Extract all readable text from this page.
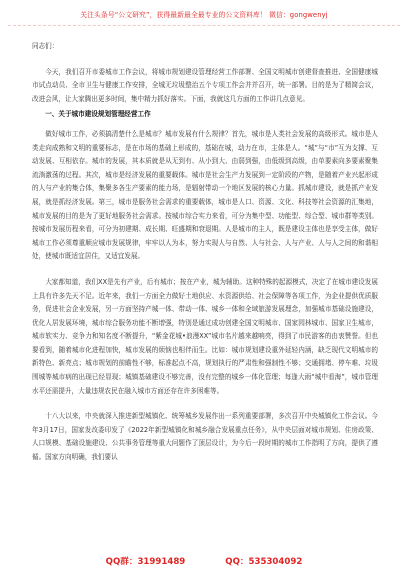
关注头条号“公文研究”，获得最新最全最专业的公文资料库！ 微信：gongwenyj

同志们：

今天，我们召开市委城市工作会议，将城市规划建设管理经营工作部署、全国文明城市创建督查推进、全国健康城市试点动员、全市卫生与健康工作安排，全城无垃圾整治五个专项工作会并并召开，统一部署。目的是为了精简会议，改进会风，让大家腾出更多时间，集中精力抓好落实。下面，我就这几方面的工作讲几点意见。

一、关于城市建设规划管理经营工作

做好城市工作，必须搞清楚什么是城市？城市发展有什么规律？首先，城市是人类社会发展的高级形式。城市是人类走向成熟和文明的重要标志，是在市场的基础上形成的，基础在城，动力在市，主体是人。“城”与“市”互为支撑、互动发展、互相依存。城市的发展，其本质就是从无到有、从小到大、由弱到强，由低级到高级，由单要素向多要素聚集流淌激荡的过程。其次，城市是经济发展的重要载体。城市是社会生产力发展到一定阶段的产物，是随着产业兴起形成的人与产业的集合体，集聚多各生产要素的能力场，是辐射带动一个地区发展的核心力量。抓城市建设，就是抓产业发展，就是抓经济发展。第三，城市是服务社会需求的重要载体，城市是人口、资源、文化、科技等社会资源的汇集地，城市发展的目的是为了更好地服务社会需求。按城市综合实力来看，可分为集中型、功能型、综合型、城市群等类别。按城市发展历程来看，可分为初建期、成长期、旺盛期和衰退期。人是城市的主人，既是建设主体也是享受主体，做好城市工作必须尊重顺应城市发展规律，牢牢以人为本，努力实现人与自然、人与社会、人与产业、人与人之间的和谐相处，使城市既适宜居住，又适宜发展。

大家都知道，我们XX是先有产业，后有城市；按在产业，城为辅助。这种特殊的起源模式，决定了在城市建设发展上具有许多先天不足。近年来，我们一方面全力做好土地供应、水资源供给、社会保障等各项工作，为企业提供优质服务，促进社会企业发展，另一方面坚持产城一体、带动一体、城乡一体和全域旅游发展理念，加强城市基础设施建设，优化人居发展环境，城市综合服务功能不断增强，特别是通过成功创建全国文明城市、国家园林城市、国家卫生城市，城市软实力、竞争力和知名度不断提升，“紫金花城•浪漫XX”城市名片越来越响亮，得到了市民游客的由衷赞誉。但也要看到，随着城市化进程加快，城市发展的烦恼也相伴而生。比如：城市规划建设重外延轻内涵，缺乏现代文明城市的新特色、新亮点；城市规划的前瞻性不够，标准起点不高，规划执行的严肃性和强制性不够；交通拥堵、停车难、垃圾围城等城市病的出现已经显现；城镇基础建设不够完善，没有完整的城乡一体化管理；每逢大雨“城中看海”，城市管理水平还需提升，大量违规农民在融入城市方面还存在许多困难等。

十八大以来，中央就深入推进新型城镇化、统筹城乡发展作出一系列重要部署，多次召开中央城镇化工作会议。今年3月17日，国家发改委印发了《2022年新型城镇化和城乡融合发展重点任务》，从中央层面对城市规划、住房政策、人口规模、基础设施建设、公共事务管理等重大问题作了顶层设计，为今后一段时期的城市工作指明了方向，提供了遵循。国家方向明确，我们要认

QQ群：31991489	QQ：535304092
